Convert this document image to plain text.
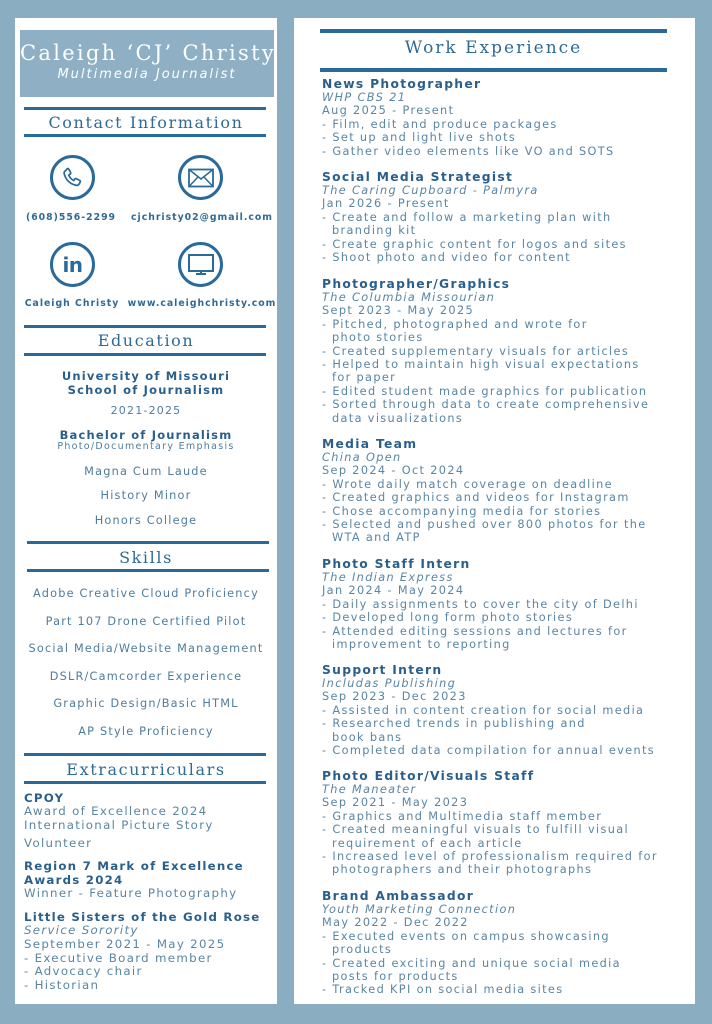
Caleigh ‘CJ’ Christy
Multimedia Journalist
Contact Information
(608)556-2299	cjchristy02@gmail.com
in
Caleigh Christy www.caleighchristy.com
Education
University of Missouri
School of Journalism
2021-2025
Bachelor of Journalism
Photo/Documentary Emphasis
Magna Cum Laude
History Minor
Honors College
Skills
Adobe Creative Cloud Proficiency
Part 107 Drone Certified Pilot
Social Media/Website Management
DSLR/Camcorder Experience
Graphic Design/Basic HTML
AP Style Proficiency
Extracurriculars
CPOY
Award of Excellence 2024
International Picture Story
Volunteer
Region 7 Mark of Excellence
Awards 2024
Winner - Feature Photography
Little Sisters of the Gold Rose
Service Sorority
September 2021 - May 2025
- Executive Board member
- Advocacy chair
- Historian
Work Experience
News Photographer
WHP CBS 21
Aug 2025 - Present
- Film, edit and produce packages
- Set up and light live shots
- Gather video elements like VO and SOTS
Social Media Strategist
The Caring Cupboard - Palmyra
Jan 2026 - Present
- Create and follow a marketing plan with
branding kit
- Create graphic content for logos and sites
- Shoot photo and video for content
Photographer/Graphics
The Columbia Missourian
Sept 2023 - May 2025
- Pitched, photographed and wrote for
photo stories
- Created supplementary visuals for articles
- Helped to maintain high visual expectations
for paper
- Edited student made graphics for publication
- Sorted through data to create comprehensive
data visualizations
Media Team
China Open
Sep 2024 - Oct 2024
- Wrote daily match coverage on deadline
- Created graphics and videos for Instagram
- Chose accompanying media for stories
- Selected and pushed over 800 photos for the
WTA and ATP
Photo Staff Intern
The Indian Express
Jan 2024 - May 2024
- Daily assignments to cover the city of Delhi
- Developed long form photo stories
- Attended editing sessions and lectures for
improvement to reporting
Support Intern
Includas Publishing
Sep 2023 - Dec 2023
- Assisted in content creation for social media
- Researched trends in publishing and
book bans
- Completed data compilation for annual events
Photo Editor/Visuals Staff
The Maneater
Sep 2021 - May 2023
- Graphics and Multimedia staff member
- Created meaningful visuals to fulfill visual
requirement of each article
- Increased level of professionalism required for
photographers and their photographs
Brand Ambassador
Youth Marketing Connection
May 2022 - Dec 2022
- Executed events on campus showcasing
products
- Created exciting and unique social media
posts for products
- Tracked KPI on social media sites
